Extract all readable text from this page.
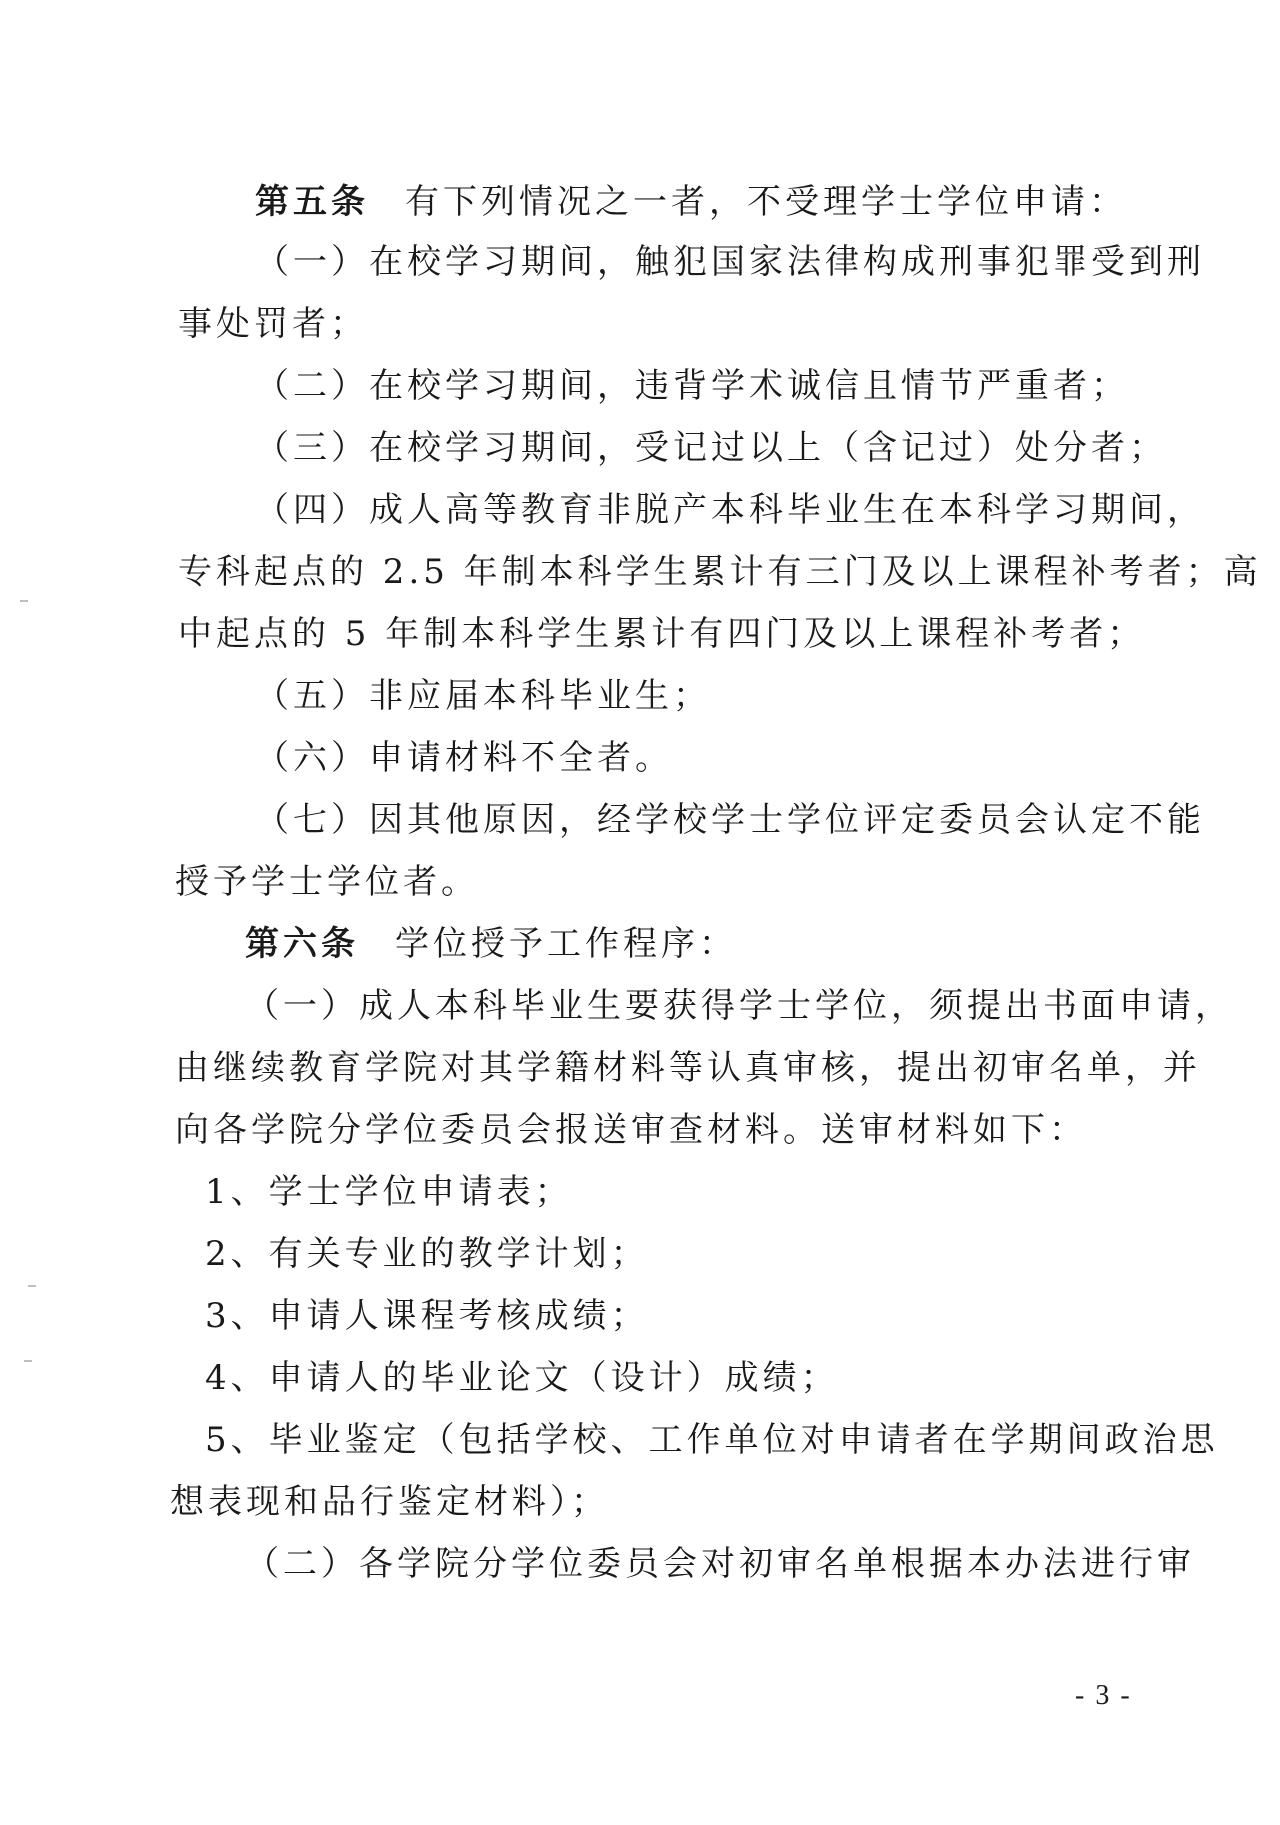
第五条 有下列情况之一者，不受理学士学位申请：
（一）在校学习期间，触犯国家法律构成刑事犯罪受到刑
事处罚者；
（二）在校学习期间，违背学术诚信且情节严重者；
（三）在校学习期间，受记过以上（含记过）处分者；
（四）成人高等教育非脱产本科毕业生在本科学习期间，
专科起点的 2.5 年制本科学生累计有三门及以上课程补考者；高
中起点的 5 年制本科学生累计有四门及以上课程补考者；
（五）非应届本科毕业生；
（六）申请材料不全者。
（七）因其他原因，经学校学士学位评定委员会认定不能
授予学士学位者。
第六条 学位授予工作程序：
（一）成人本科毕业生要获得学士学位，须提出书面申请，
由继续教育学院对其学籍材料等认真审核，提出初审名单，并
向各学院分学位委员会报送审查材料。送审材料如下：
1、学士学位申请表；
2、有关专业的教学计划；
3、申请人课程考核成绩；
4、申请人的毕业论文（设计）成绩；
5、毕业鉴定（包括学校、工作单位对申请者在学期间政治思
想表现和品行鉴定材料）；
（二）各学院分学位委员会对初审名单根据本办法进行审
- 3 -
